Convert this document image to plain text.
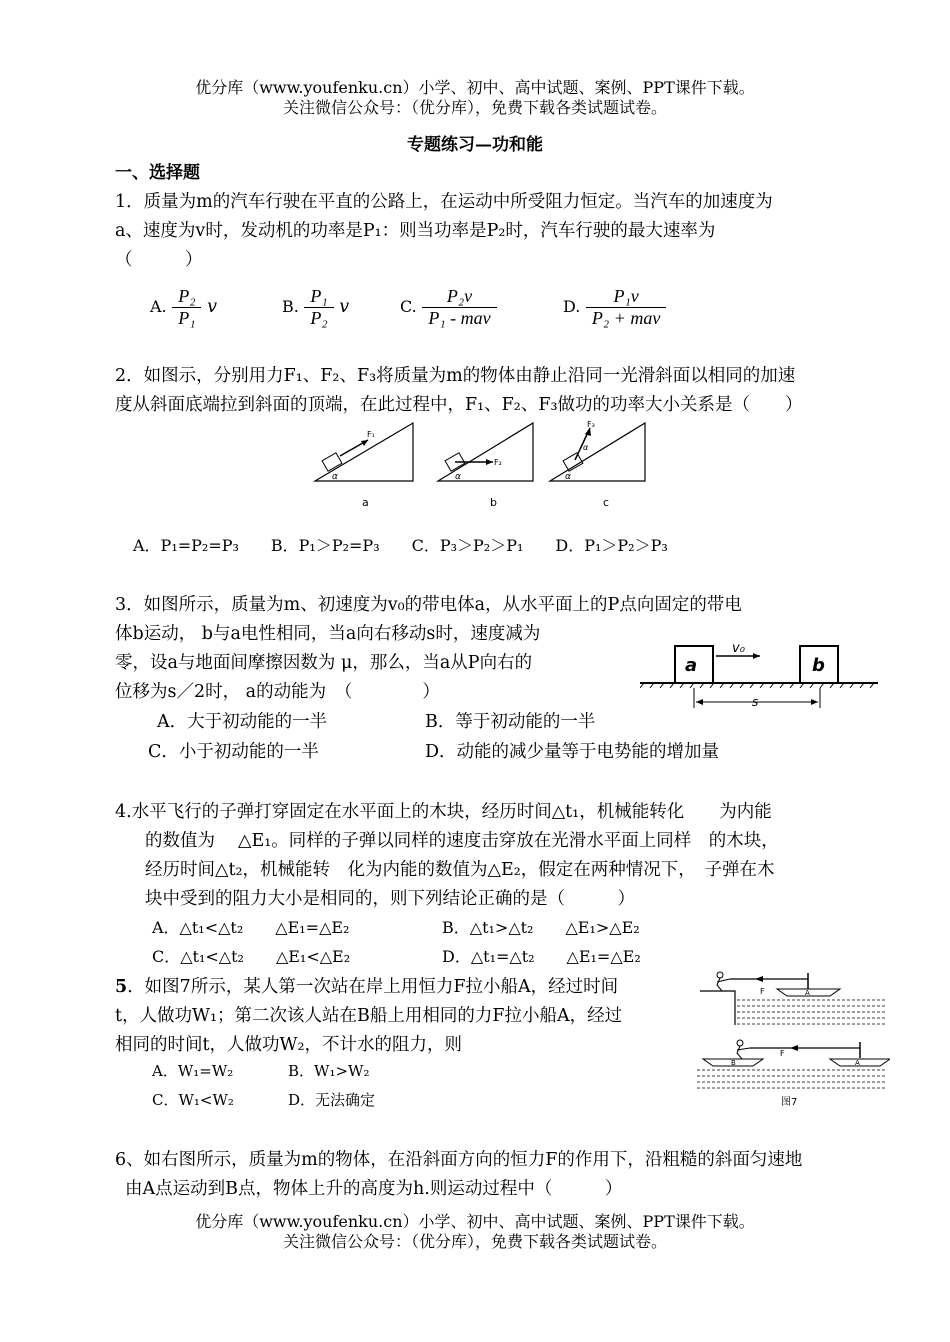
优分库（www.youfenku.cn）小学、初中、高中试题、案例、PPT课件下载。
关注微信公众号：（优分库），免费下载各类试题试卷。
专题练习—功和能
一、选择题
1．质量为m的汽车行驶在平直的公路上，在运动中所受阻力恒定。当汽车的加速度为
a、速度为v时，发动机的功率是P₁：则当功率是P₂时，汽车行驶的最大速率为
（　　　）
A. $\frac{\text{P₂}}{\text{P₁}}$ v	B. $\frac{\text{P₁}}{\text{P₂}}$ v	C. $\frac{\text{P₂v}}{\text{P₁ - mav}}$	D. $\frac{\text{P₁v}}{\text{P₂ + mav}}$
2．如图示，分别用力F₁、F₂、F₃将质量为m的物体由静止沿同一光滑斜面以相同的加速
度从斜面底端拉到斜面的顶端，在此过程中，F₁、F₂、F₃做功的功率大小关系是（　　）
F₁
α
a
F₂
α
b
F₃
α
α
c
A．P₁=P₂=P₃　　B．P₁＞P₂=P₃　　C．P₃＞P₂＞P₁　　D．P₁＞P₂＞P₃
3．如图所示，质量为m、初速度为v₀的带电体a，从水平面上的P点向固定的带电
体b运动， b与a电性相同，当a向右移动s时，速度减为
零，设a与地面间摩擦因数为 μ，那么，当a从P向右的
位移为s／2时， a的动能为　（　　　　）
A．大于初动能的一半	B．等于初动能的一半
C．小于初动能的一半	D．动能的减少量等于电势能的增加量
a	b
v₀
s
4.水平飞行的子弹打穿固定在水平面上的木块，经历时间△t₁，机械能转化　　为内能
的数值为　 △E₁。同样的子弹以同样的速度击穿放在光滑水平面上同样　的木块，
经历时间△t₂，机械能转　化为内能的数值为△E₂，假定在两种情况下，　子弹在木
块中受到的阻力大小是相同的，则下列结论正确的是（　　　）
A．△t₁<△t₂　　△E₁=△E₂	B．△t₁>△t₂　　△E₁>△E₂
C．△t₁<△t₂　　△E₁<△E₂	D．△t₁=△t₂　　△E₁=△E₂
5．如图7所示，某人第一次站在岸上用恒力F拉小船A，经过时间
t，人做功W₁；第二次该人站在B船上用相同的力F拉小船A，经过
相同的时间t，人做功W₂，不计水的阻力，则
A．W₁=W₂	B．W₁>W₂
C．W₁<W₂	D．无法确定
A
F
B	A
F
图7
6、如右图所示，质量为m的物体，在沿斜面方向的恒力F的作用下，沿粗糙的斜面匀速地
由A点运动到B点，物体上升的高度为h.则运动过程中（　　　）
优分库（www.youfenku.cn）小学、初中、高中试题、案例、PPT课件下载。
关注微信公众号：（优分库），免费下载各类试题试卷。
